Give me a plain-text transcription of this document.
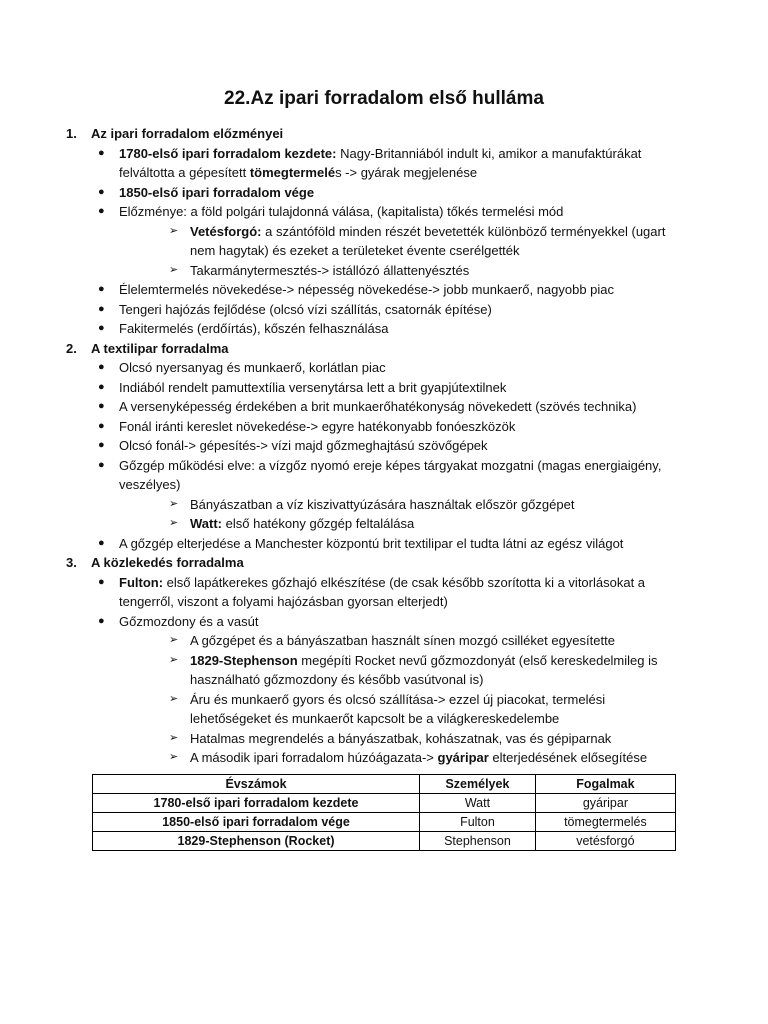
22.Az ipari forradalom első hulláma
1. Az ipari forradalom előzményei
● 1780-első ipari forradalom kezdete: Nagy-Britanniából indult ki, amikor a manufaktúrákat felváltotta a gépesített tömegtermelés -> gyárak megjelenése
● 1850-első ipari forradalom vége
● Előzménye: a föld polgári tulajdonná válása, (kapitalista) tőkés termelési mód
➢ Vetésforgó: a szántóföld minden részét bevetették különböző terményekkel (ugart nem hagytak) és ezeket a területeket évente cserélgették
➢ Takarmánytermesztés-> istállózó állattenyésztés
● Élelemtermelés növekedése-> népesség növekedése-> jobb munkaerő, nagyobb piac
● Tengeri hajózás fejlődése (olcsó vízi szállítás, csatornák építése)
● Fakitermelés (erdőírtás), kőszén felhasználása
2. A textilipar forradalma
● Olcsó nyersanyag és munkaerő, korlátlan piac
● Indiából rendelt pamuttextília versenytársa lett a brit gyapjútextilnek
● A versenyképesség érdekében a brit munkaerőhatékonyság növekedett (szövés technika)
● Fonál iránti kereslet növekedése-> egyre hatékonyabb fonóeszközök
● Olcsó fonál-> gépesítés-> vízi majd gőzmeghajtású szövőgépek
● Gőzgép működési elve: a vízgőz nyomó ereje képes tárgyakat mozgatni (magas energiaigény, veszélyes)
➢ Bányászatban a víz kiszivattyúzására használtak először gőzgépet
➢ Watt: első hatékony gőzgép feltalálása
● A gőzgép elterjedése a Manchester központú brit textilipar el tudta látni az egész világot
3. A közlekedés forradalma
● Fulton: első lapátkerekes gőzhajó elkészítése (de csak később szorította ki a vitorlásokat a tengerről, viszont a folyami hajózásban gyorsan elterjedt)
● Gőzmozdony és a vasút
➢ A gőzgépet és a bányászatban használt sínen mozgó csilléket egyesítette
➢ 1829-Stephenson megépíti Rocket nevű gőzmozdonyát (első kereskedelmileg is használható gőzmozdony és később vasútvonal is)
➢ Áru és munkaerő gyors és olcsó szállítása-> ezzel új piacokat, termelési lehetőségeket és munkaerőt kapcsolt be a világkereskedelembe
➢ Hatalmas megrendelés a bányászatbak, kohászatnak, vas és gépiparnak
➢ A második ipari forradalom húzóágazata-> gyáripar elterjedésének elősegítése
Évszámok	Személyek	Fogalmak
1780-első ipari forradalom kezdete	Watt	gyáripar
1850-első ipari forradalom vége	Fulton	tömegtermelés
1829-Stephenson (Rocket)	Stephenson	vetésforgó
